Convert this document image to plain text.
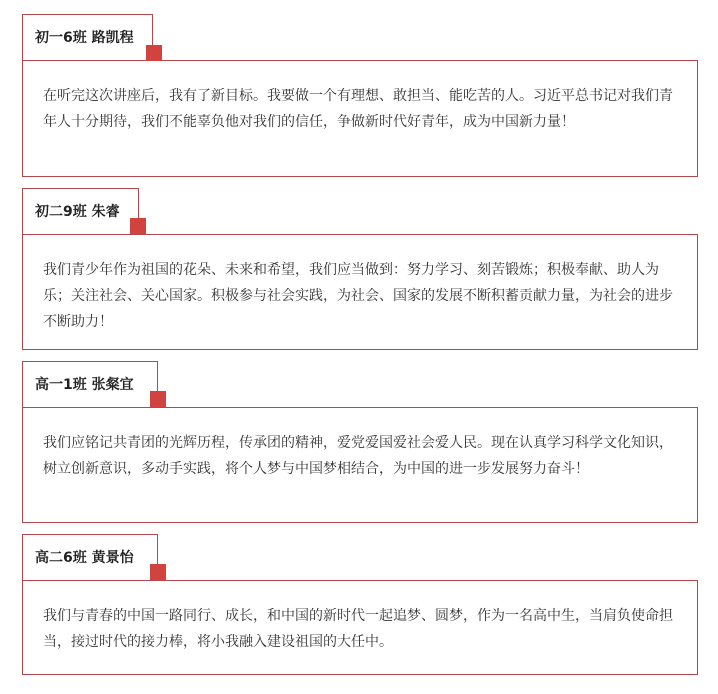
初一6班 路凯程
在听完这次讲座后，我有了新目标。我要做一个有理想、敢担当、能吃苦的人。习近平总书记对我们青年人十分期待，我们不能辜负他对我们的信任，争做新时代好青年，成为中国新力量！
初二9班 朱睿
我们青少年作为祖国的花朵、未来和希望，我们应当做到：努力学习、刻苦锻炼；积极奉献、助人为乐；关注社会、关心国家。积极参与社会实践，为社会、国家的发展不断积蓄贡献力量，为社会的进步不断助力！
高一1班 张粲宜
我们应铭记共青团的光辉历程，传承团的精神，爱党爱国爱社会爱人民。现在认真学习科学文化知识，树立创新意识，多动手实践，将个人梦与中国梦相结合，为中国的进一步发展努力奋斗！
高二6班 黄景怡
我们与青春的中国一路同行、成长，和中国的新时代一起追梦、圆梦，作为一名高中生，当肩负使命担当，接过时代的接力棒，将小我融入建设祖国的大任中。
